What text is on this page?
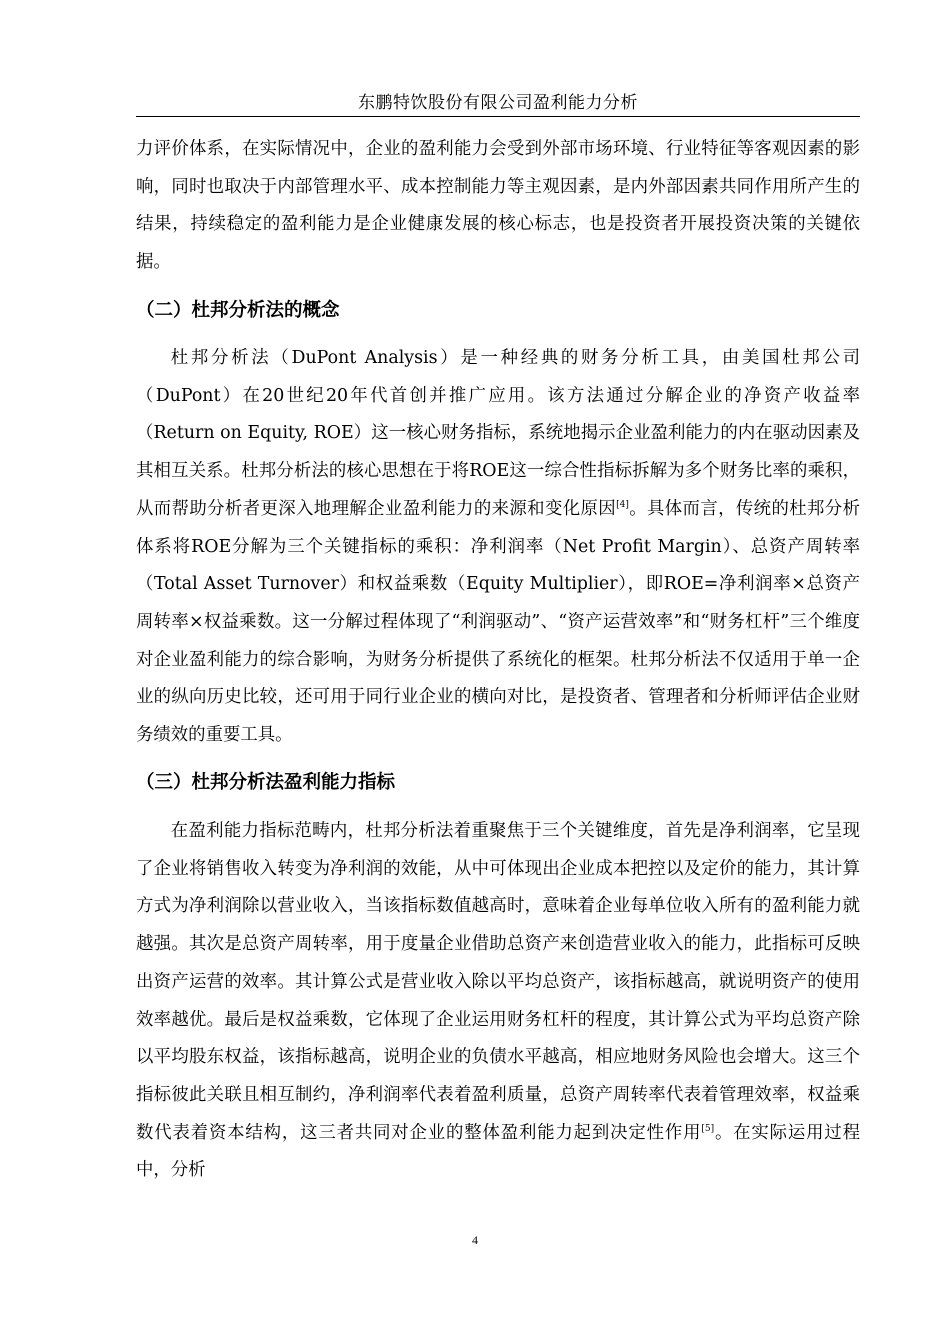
东鹏特饮股份有限公司盈利能力分析

力评价体系，在实际情况中，企业的盈利能力会受到外部市场环境、行业特征等客观因素的影响，同时也取决于内部管理水平、成本控制能力等主观因素，是内外部因素共同作用所产生的结果，持续稳定的盈利能力是企业健康发展的核心标志，也是投资者开展投资决策的关键依据。

（二）杜邦分析法的概念

杜邦分析法（DuPont Analysis）是一种经典的财务分析工具，由美国杜邦公司（DuPont）在20世纪20年代首创并推广应用。该方法通过分解企业的净资产收益率（Return on Equity, ROE）这一核心财务指标，系统地揭示企业盈利能力的内在驱动因素及其相互关系。杜邦分析法的核心思想在于将ROE这一综合性指标拆解为多个财务比率的乘积，从而帮助分析者更深入地理解企业盈利能力的来源和变化原因[4]。具体而言，传统的杜邦分析体系将ROE分解为三个关键指标的乘积：净利润率（Net Profit Margin）、总资产周转率（Total Asset Turnover）和权益乘数（Equity Multiplier），即ROE=净利润率×总资产周转率×权益乘数。这一分解过程体现了“利润驱动”、“资产运营效率”和“财务杠杆”三个维度对企业盈利能力的综合影响，为财务分析提供了系统化的框架。杜邦分析法不仅适用于单一企业的纵向历史比较，还可用于同行业企业的横向对比，是投资者、管理者和分析师评估企业财务绩效的重要工具。

（三）杜邦分析法盈利能力指标

在盈利能力指标范畴内，杜邦分析法着重聚焦于三个关键维度，首先是净利润率，它呈现了企业将销售收入转变为净利润的效能，从中可体现出企业成本把控以及定价的能力，其计算方式为净利润除以营业收入，当该指标数值越高时，意味着企业每单位收入所有的盈利能力就越强。其次是总资产周转率，用于度量企业借助总资产来创造营业收入的能力，此指标可反映出资产运营的效率。其计算公式是营业收入除以平均总资产，该指标越高，就说明资产的使用效率越优。最后是权益乘数，它体现了企业运用财务杠杆的程度，其计算公式为平均总资产除以平均股东权益，该指标越高，说明企业的负债水平越高，相应地财务风险也会增大。这三个指标彼此关联且相互制约，净利润率代表着盈利质量，总资产周转率代表着管理效率，权益乘数代表着资本结构，这三者共同对企业的整体盈利能力起到决定性作用[5]。在实际运用过程中，分析

4
